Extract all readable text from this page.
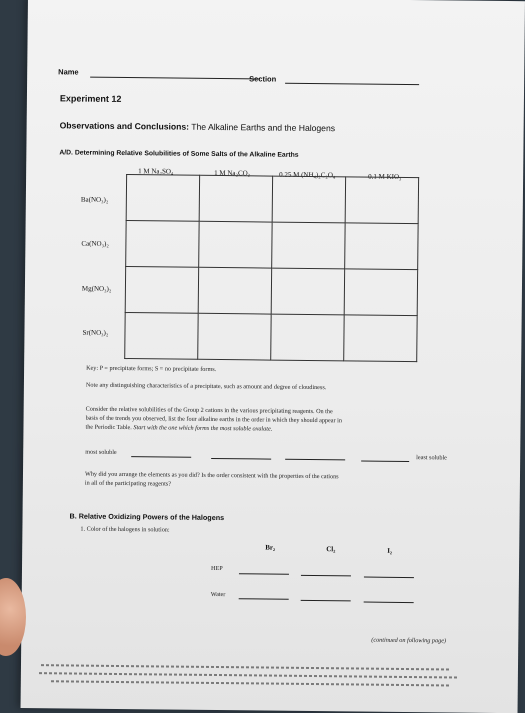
Name
Section
Experiment 12
Observations and Conclusions: The Alkaline Earths and the Halogens
A/D. Determining Relative Solubilities of Some Salts of the Alkaline Earths
1 M Na₂SO₄	1 M Na₂CO₃	0.25 M (NH₄)₂C₂O₄	0.1 M KIO₃

Ba(NO₃)₂
Ca(NO₃)₂
Mg(NO₃)₂
Sr(NO₃)₂
Key: P = precipitate forms; S = no precipitate forms.
Note any distinguishing characteristics of a precipitate, such as amount and degree of cloudiness.
Consider the relative solubilities of the Group 2 cations in the various precipitating reagents. On the
basis of the trends you observed, list the four alkaline earths in the order in which they should appear in
the Periodic Table. Start with the one which forms the most soluble oxalate.
most soluble
least soluble
Why did you arrange the elements as you did? Is the order consistent with the properties of the cations
in all of the participating reagents?
B. Relative Oxidizing Powers of the Halogens
1. Color of the halogens in solution:
Br₂	Cl₂	I₂
HEP
Water
(continued on following page)
